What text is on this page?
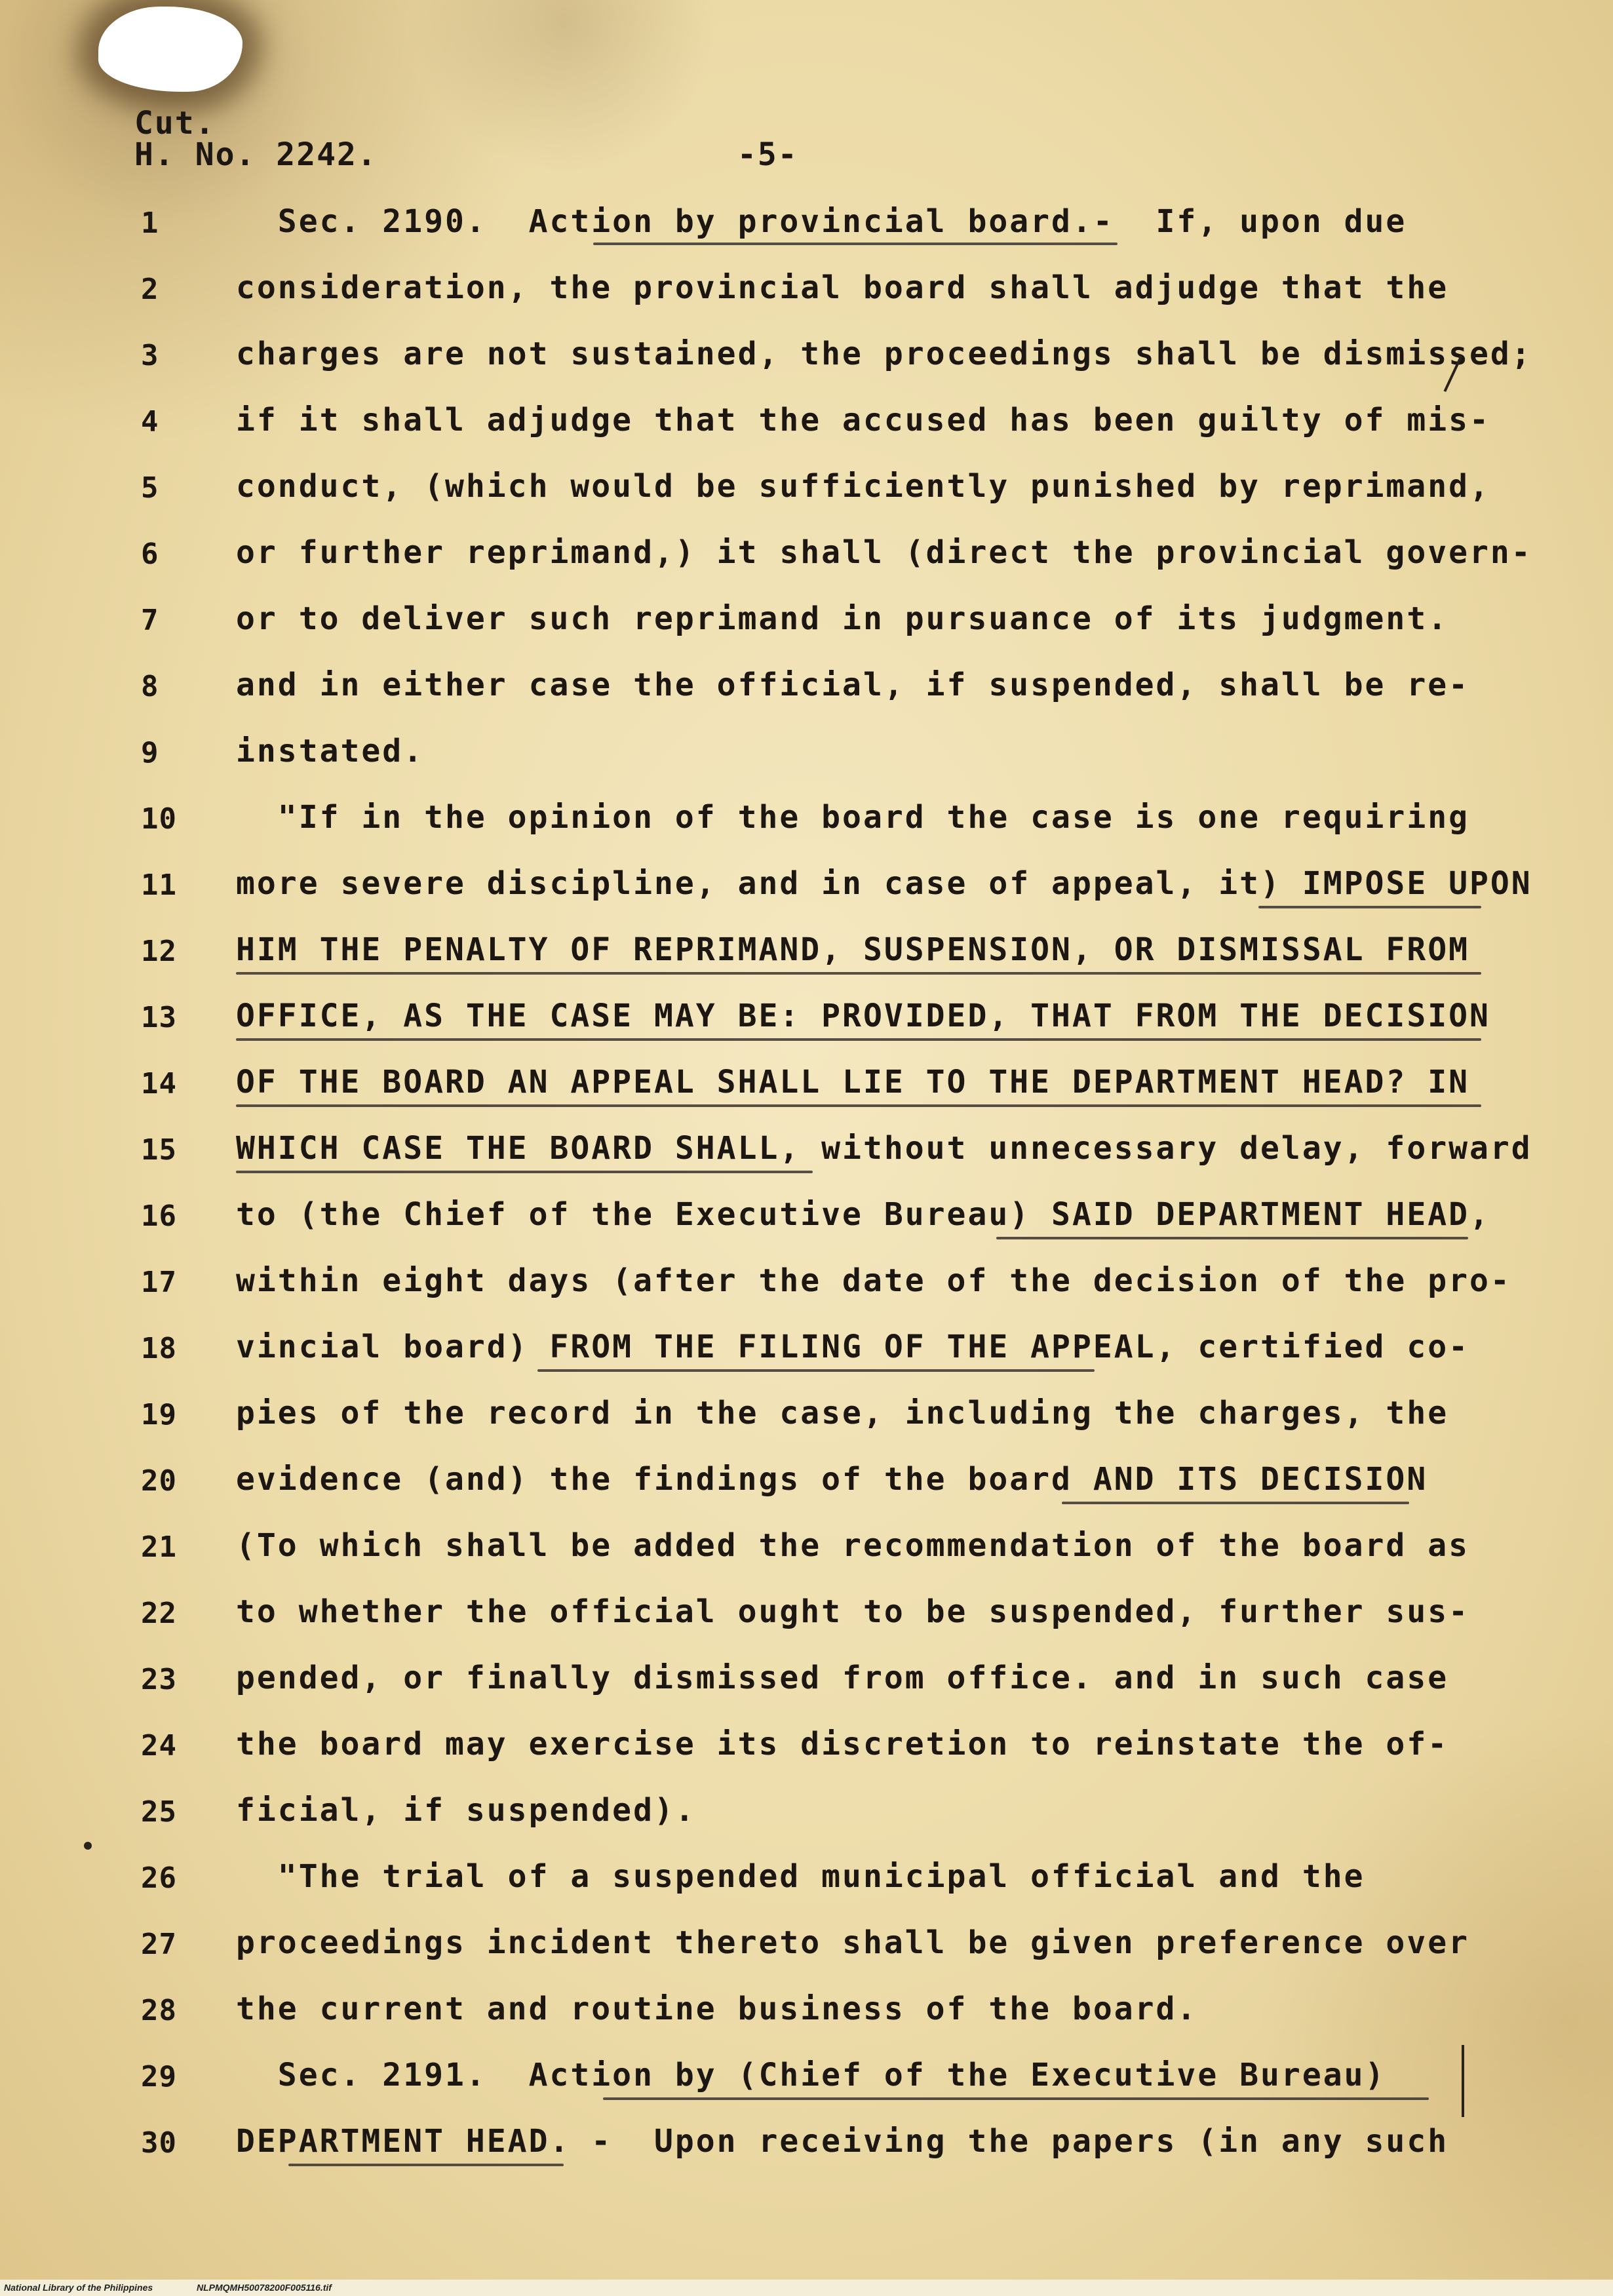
Cut.
H. No. 2242.	-5-
1	Sec. 2190.  Action by provincial board.-  If, upon due
2	consideration, the provincial board shall adjudge that the
3	charges are not sustained, the proceedings shall be dismissed;
4	if it shall adjudge that the accused has been guilty of mis-
5	conduct, (which would be sufficiently punished by reprimand,
6	or further reprimand,) it shall (direct the provincial govern-
7	or to deliver such reprimand in pursuance of its judgment.
8	and in either case the official, if suspended, shall be re-
9	instated.
10	"If in the opinion of the board the case is one requiring
11	more severe discipline, and in case of appeal, it) IMPOSE UPON
12	HIM THE PENALTY OF REPRIMAND, SUSPENSION, OR DISMISSAL FROM
13	OFFICE, AS THE CASE MAY BE: PROVIDED, THAT FROM THE DECISION
14	OF THE BOARD AN APPEAL SHALL LIE TO THE DEPARTMENT HEAD? IN
15	WHICH CASE THE BOARD SHALL, without unnecessary delay, forward
16	to (the Chief of the Executive Bureau) SAID DEPARTMENT HEAD,
17	within eight days (after the date of the decision of the pro-
18	vincial board) FROM THE FILING OF THE APPEAL, certified co-
19	pies of the record in the case, including the charges, the
20	evidence (and) the findings of the board AND ITS DECISION
21	(To which shall be added the recommendation of the board as
22	to whether the official ought to be suspended, further sus-
23	pended, or finally dismissed from office. and in such case
24	the board may exercise its discretion to reinstate the of-
25	ficial, if suspended).
26	"The trial of a suspended municipal official and the
27	proceedings incident thereto shall be given preference over
28	the current and routine business of the board.
29	Sec. 2191.  Action by (Chief of the Executive Bureau)
30	DEPARTMENT HEAD. -  Upon receiving the papers (in any such
National Library of the Philippines	NLPMQMH50078200F005116.tif
